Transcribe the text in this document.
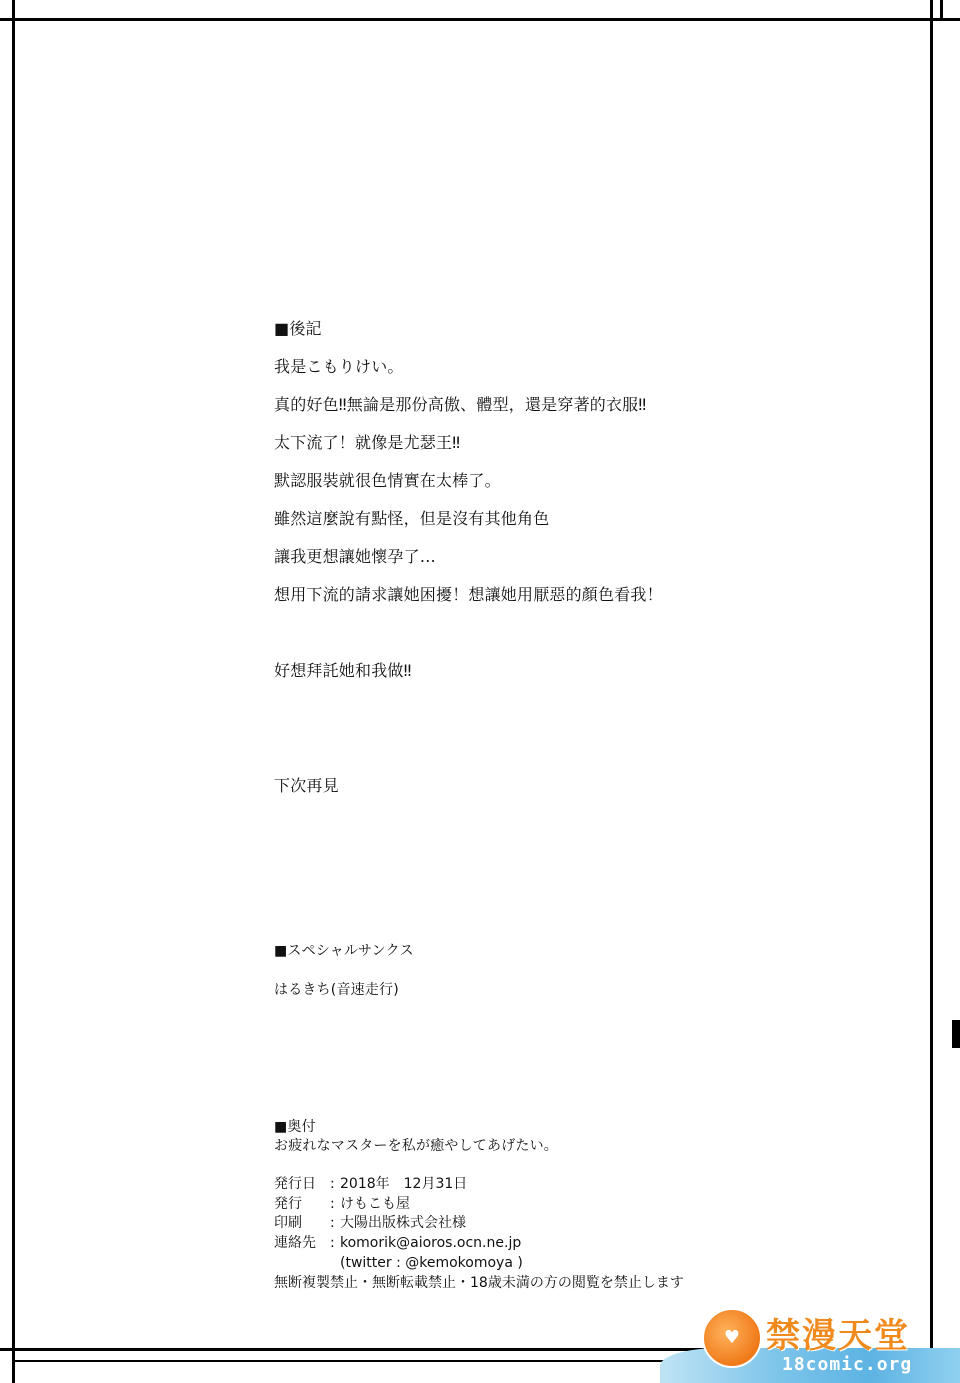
■後記
我是こもりけい。
真的好色‼無論是那份高傲、體型，還是穿著的衣服‼
太下流了！就像是尤瑟王‼
默認服裝就很色情實在太棒了。
雖然這麼說有點怪，但是沒有其他角色
讓我更想讓她懷孕了…
想用下流的請求讓她困擾！想讓她用厭惡的顏色看我！
好想拜託她和我做‼
下次再見
■スペシャルサンクス
はるきち(音速走行)
■奥付
お疲れなマスターを私が癒やしてあげたい。
発行日 : 2018年　12月31日
発行 : けもこも屋
印刷 : 大陽出版株式会社様
連絡先 : komorik@aioros.ocn.ne.jp
(twitter : @kemokomoya )
無断複製禁止・無断転載禁止・18歳未満の方の閲覧を禁止します
♥ 禁漫天堂
18comic.org
